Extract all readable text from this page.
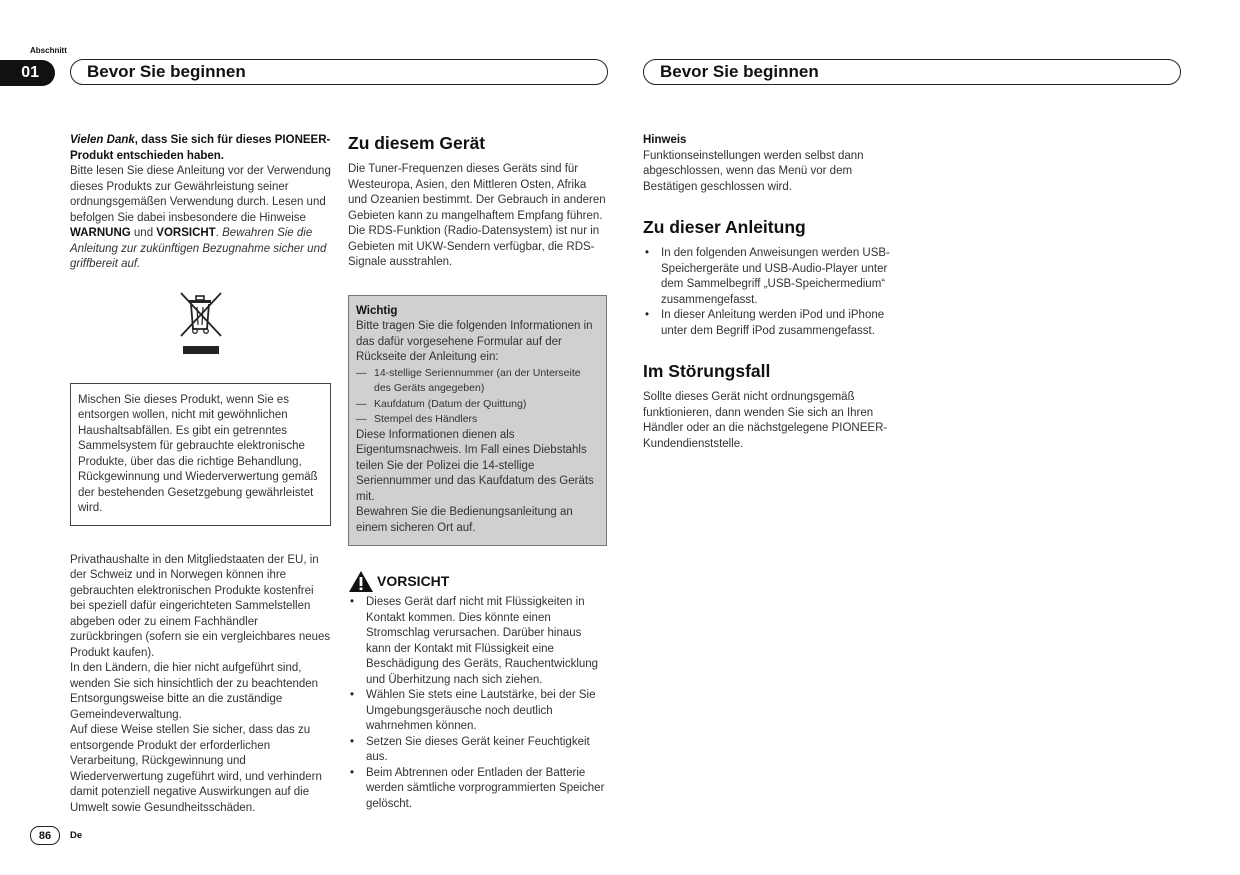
Abschnitt
01	Bevor Sie beginnen	Bevor Sie beginnen

Vielen Dank, dass Sie sich für dieses PIONEER-Produkt entschieden haben.

Bitte lesen Sie diese Anleitung vor der Verwendung dieses Produkts zur Gewährleistung seiner ordnungsgemäßen Verwendung durch. Lesen und befolgen Sie dabei insbesondere die Hinweise WARNUNG und VORSICHT. Bewahren Sie die Anleitung zur zukünftigen Bezugnahme sicher und griffbereit auf.

Mischen Sie dieses Produkt, wenn Sie es entsorgen wollen, nicht mit gewöhnlichen Haushaltsabfällen. Es gibt ein getrenntes Sammelsystem für gebrauchte elektronische Produkte, über das die richtige Behandlung, Rückgewinnung und Wiederverwertung gemäß der bestehenden Gesetzgebung gewährleistet wird.

Privathaushalte in den Mitgliedstaaten der EU, in der Schweiz und in Norwegen können ihre gebrauchten elektronischen Produkte kostenfrei bei speziell dafür eingerichteten Sammelstellen abgeben oder zu einem Fachhändler zurückbringen (sofern sie ein vergleichbares neues Produkt kaufen).

In den Ländern, die hier nicht aufgeführt sind, wenden Sie sich hinsichtlich der zu beachtenden Entsorgungsweise bitte an die zuständige Gemeindeverwaltung.

Auf diese Weise stellen Sie sicher, dass das zu entsorgende Produkt der erforderlichen Verarbeitung, Rückgewinnung und Wiederverwertung zugeführt wird, und verhindern damit potenziell negative Auswirkungen auf die Umwelt sowie Gesundheitsschäden.

Zu diesem Gerät

Die Tuner-Frequenzen dieses Geräts sind für Westeuropa, Asien, den Mittleren Osten, Afrika und Ozeanien bestimmt. Der Gebrauch in anderen Gebieten kann zu mangelhaftem Empfang führen. Die RDS-Funktion (Radio-Datensystem) ist nur in Gebieten mit UKW-Sendern verfügbar, die RDS-Signale ausstrahlen.

Wichtig

Bitte tragen Sie die folgenden Informationen in das dafür vorgesehene Formular auf der Rückseite der Anleitung ein:

— 14-stellige Seriennummer (an der Unterseite des Geräts angegeben)
— Kaufdatum (Datum der Quittung)
— Stempel des Händlers

Diese Informationen dienen als Eigentumsnachweis. Im Fall eines Diebstahls teilen Sie der Polizei die 14-stellige Seriennummer und das Kaufdatum des Geräts mit.

Bewahren Sie die Bedienungsanleitung an einem sicheren Ort auf.

VORSICHT
• Dieses Gerät darf nicht mit Flüssigkeiten in Kontakt kommen. Dies könnte einen Stromschlag verursachen. Darüber hinaus kann der Kontakt mit Flüssigkeit eine Beschädigung des Geräts, Rauchentwicklung und Überhitzung nach sich ziehen.
• Wählen Sie stets eine Lautstärke, bei der Sie Umgebungsgeräusche noch deutlich wahrnehmen können.
• Setzen Sie dieses Gerät keiner Feuchtigkeit aus.
• Beim Abtrennen oder Entladen der Batterie werden sämtliche vorprogrammierten Speicher gelöscht.

Hinweis

Funktionseinstellungen werden selbst dann abgeschlossen, wenn das Menü vor dem Bestätigen geschlossen wird.

Zu dieser Anleitung
• In den folgenden Anweisungen werden USB-Speichergeräte und USB-Audio-Player unter dem Sammelbegriff „USB-Speichermedium“ zusammengefasst.
• In dieser Anleitung werden iPod und iPhone unter dem Begriff iPod zusammengefasst.
Im Störungsfall

Sollte dieses Gerät nicht ordnungsgemäß funktionieren, dann wenden Sie sich an Ihren Händler oder an die nächstgelegene PIONEER-Kundendienststelle.

86	De
